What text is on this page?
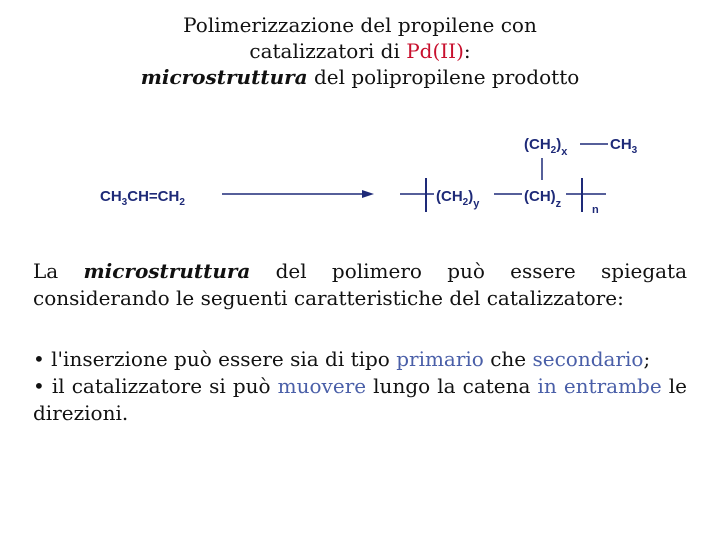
Polimerizzazione del propilene con
catalizzatori di Pd(II):
microstruttura del polipropilene prodotto
$CH_3CH=CH_2$	$(CH_2)_y$	$(CH)_z$
$(CH_2)_x$	$CH_3$
n
La microstruttura del polimero può essere spiegata considerando le seguenti caratteristiche del catalizzatore:
• l'inserzione può essere sia di tipo primario che secondario;
• il catalizzatore si può muovere lungo la catena in entrambe le direzioni.
